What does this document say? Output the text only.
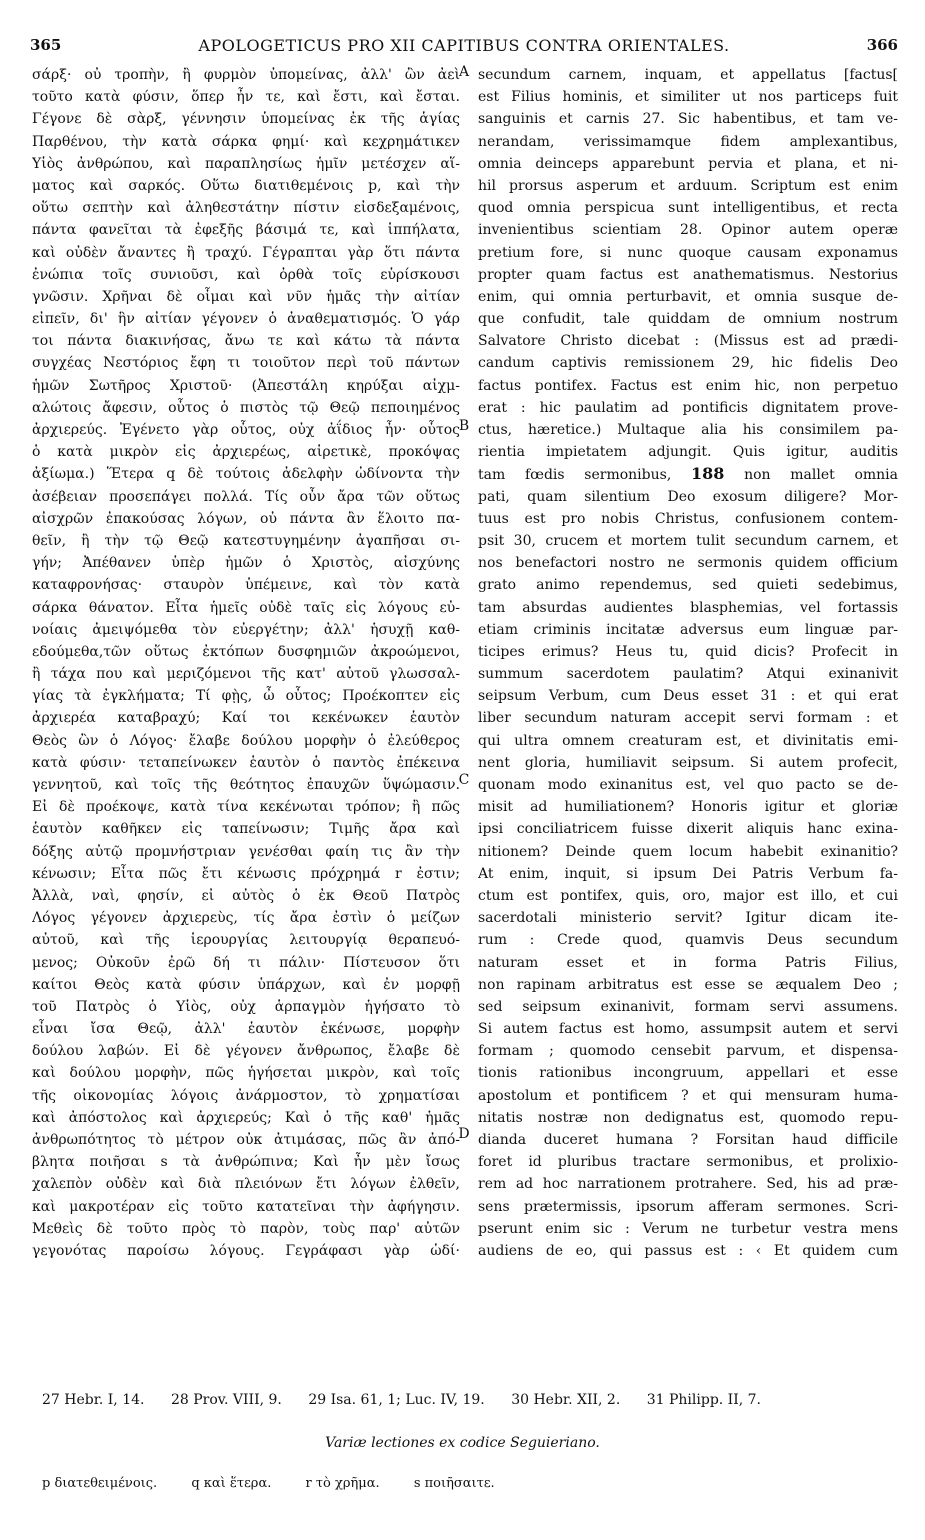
365	APOLOGETICUS PRO XII CAPITIBUS CONTRA ORIENTALES.	366
σάρξ· οὐ τροπὴν, ἢ φυρμὸν ὑπομείνας, ἀλλ' ὢν ἀεὶ
τοῦτο κατὰ φύσιν, ὅπερ ἦν τε, καὶ ἔστι, καὶ ἔσται.
Γέγονε δὲ σὰρξ, γέννησιν ὑπομείνας ἐκ τῆς ἁγίας
Παρθένου, τὴν κατὰ σάρκα φημί· καὶ κεχρημάτικεν
Υἱὸς ἀνθρώπου, καὶ παραπλησίως ἡμῖν μετέσχεν αἵ-
ματος καὶ σαρκός. Οὕτω διατιθεμένοις p, καὶ τὴν
οὕτω σεπτὴν καὶ ἀληθεστάτην πίστιν εἰσδεξαμένοις,
πάντα φανεῖται τὰ ἐφεξῆς βάσιμά τε, καὶ ἱππήλατα,
καὶ οὐδὲν ἄναντες ἢ τραχύ. Γέγραπται γὰρ ὅτι πάντα
ἐνώπια τοῖς συνιοῦσι, καὶ ὀρθὰ τοῖς εὑρίσκουσι
γνῶσιν. Χρῆναι δὲ οἶμαι καὶ νῦν ἡμᾶς τὴν αἰτίαν
εἰπεῖν, δι' ἣν αἰτίαν γέγονεν ὁ ἀναθεματισμός. Ὁ γάρ
τοι πάντα διακινήσας, ἄνω τε καὶ κάτω τὰ πάντα
συγχέας Νεστόριος ἔφη τι τοιοῦτον περὶ τοῦ πάντων
ἡμῶν Σωτῆρος Χριστοῦ· (Ἀπεστάλη κηρύξαι αἰχμ-
αλώτοις ἄφεσιν, οὗτος ὁ πιστὸς τῷ Θεῷ πεποιημένος
ἀρχιερεύς. Ἐγένετο γὰρ οὗτος, οὐχ ἀΐδιος ἦν· οὗτος
ὁ κατὰ μικρὸν εἰς ἀρχιερέως, αἱρετικὲ, προκόψας
ἀξίωμα.) Ἕτερα q δὲ τούτοις ἀδελφὴν ὠδίνοντα τὴν
ἀσέβειαν προσεπάγει πολλά. Τίς οὖν ἄρα τῶν οὕτως
αἰσχρῶν ἐπακούσας λόγων, οὐ πάντα ἂν ἕλοιτο πα-
θεῖν, ἢ τὴν τῷ Θεῷ κατεστυγημένην ἀγαπῆσαι σι-
γήν; Ἀπέθανεν ὑπὲρ ἡμῶν ὁ Χριστὸς, αἰσχύνης
καταφρονήσας· σταυρὸν ὑπέμεινε, καὶ τὸν κατὰ
σάρκα θάνατον. Εἶτα ἡμεῖς οὐδὲ ταῖς εἰς λόγους εὐ-
νοίαις ἀμειψόμεθα τὸν εὐεργέτην; ἀλλ' ἡσυχῇ καθ-
εδούμεθα,τῶν οὕτως ἐκτόπων δυσφημιῶν ἀκροώμενοι,
ἢ τάχα που καὶ μεριζόμενοι τῆς κατ' αὐτοῦ γλωσσαλ-
γίας τὰ ἐγκλήματα; Τί φῂς, ὦ οὗτος; Προέκοπτεν εἰς
ἀρχιερέα καταβραχύ; Καί τοι κεκένωκεν ἑαυτὸν
Θεὸς ὢν ὁ Λόγος· ἔλαβε δούλου μορφὴν ὁ ἐλεύθερος
κατὰ φύσιν· τεταπείνωκεν ἑαυτὸν ὁ παντὸς ἐπέκεινα
γεννητοῦ, καὶ τοῖς τῆς θεότητος ἐπαυχῶν ὕψώμασιν.
Εἰ δὲ προέκοψε, κατὰ τίνα κεκένωται τρόπον; ἢ πῶς
ἑαυτὸν καθῆκεν εἰς ταπείνωσιν; Τιμῆς ἄρα καὶ
δόξης αὐτῷ προμνήστριαν γενέσθαι φαίη τις ἂν τὴν
κένωσιν; Εἶτα πῶς ἔτι κένωσις πρόχρημά r ἐστιν;
Ἀλλὰ, ναὶ, φησίν, εἰ αὐτὸς ὁ ἐκ Θεοῦ Πατρὸς
Λόγος γέγονεν ἀρχιερεὺς, τίς ἄρα ἐστὶν ὁ μείζων
αὐτοῦ, καὶ τῆς ἱερουργίας λειτουργίᾳ θεραπευό-
μενος; Οὐκοῦν ἐρῶ δή τι πάλιν· Πίστευσον ὅτι
καίτοι Θεὸς κατὰ φύσιν ὑπάρχων, καὶ ἐν μορφῇ
τοῦ Πατρὸς ὁ Υἱὸς, οὐχ ἁρπαγμὸν ἡγήσατο τὸ
εἶναι ἴσα Θεῷ, ἀλλ' ἑαυτὸν ἐκένωσε, μορφὴν
δούλου λαβών. Εἰ δὲ γέγονεν ἄνθρωπος, ἔλαβε δὲ
καὶ δούλου μορφὴν, πῶς ἡγήσεται μικρὸν, καὶ τοῖς
τῆς οἰκονομίας λόγοις ἀνάρμοστον, τὸ χρηματίσαι
καὶ ἀπόστολος καὶ ἀρχιερεύς; Καὶ ὁ τῆς καθ' ἡμᾶς
ἀνθρωπότητος τὸ μέτρον οὐκ ἀτιμάσας, πῶς ἂν ἀπό-
βλητα ποιῆσαι s τὰ ἀνθρώπινα; Καὶ ἦν μὲν ἴσως
χαλεπὸν οὐδὲν καὶ διὰ πλειόνων ἔτι λόγων ἐλθεῖν,
καὶ μακροτέραν εἰς τοῦτο κατατεῖναι τὴν ἀφήγησιν.
Μεθεὶς δὲ τοῦτο πρὸς τὸ παρὸν, τοὺς παρ' αὐτῶν
γεγονότας παροίσω λόγους. Γεγράφασι γὰρ ὡδί·
secundum carnem, inquam, et appellatus [factus[
est Filius hominis, et similiter ut nos particeps fuit
sanguinis et carnis 27. Sic habentibus, et tam ve-
nerandam, verissimamque fidem amplexantibus,
omnia deinceps apparebunt pervia et plana, et ni-
hil prorsus asperum et arduum. Scriptum est enim
quod omnia perspicua sunt intelligentibus, et recta
invenientibus scientiam 28. Opinor autem operæ
pretium fore, si nunc quoque causam exponamus
propter quam factus est anathematismus. Nestorius
enim, qui omnia perturbavit, et omnia susque de-
que confudit, tale quiddam de omnium nostrum
Salvatore Christo dicebat : (Missus est ad prædi-
candum captivis remissionem 29, hic fidelis Deo
factus pontifex. Factus est enim hic, non perpetuo
erat : hic paulatim ad pontificis dignitatem prove-
ctus, hæretice.) Multaque alia his consimilem pa-
rientia impietatem adjungit. Quis igitur, auditis
tam fœdis sermonibus, 188 non mallet omnia
pati, quam silentium Deo exosum diligere? Mor-
tuus est pro nobis Christus, confusionem contem-
psit 30, crucem et mortem tulit secundum carnem, et
nos benefactori nostro ne sermonis quidem officium
grato animo rependemus, sed quieti sedebimus,
tam absurdas audientes blasphemias, vel fortassis
etiam criminis incitatæ adversus eum linguæ par-
ticipes erimus? Heus tu, quid dicis? Profecit in
summum sacerdotem paulatim? Atqui exinanivit
seipsum Verbum, cum Deus esset 31 : et qui erat
liber secundum naturam accepit servi formam : et
qui ultra omnem creaturam est, et divinitatis emi-
nent gloria, humiliavit seipsum. Si autem profecit,
quonam modo exinanitus est, vel quo pacto se de-
misit ad humiliationem? Honoris igitur et gloriæ
ipsi conciliatricem fuisse dixerit aliquis hanc exina-
nitionem? Deinde quem locum habebit exinanitio?
At enim, inquit, si ipsum Dei Patris Verbum fa-
ctum est pontifex, quis, oro, major est illo, et cui
sacerdotali ministerio servit? Igitur dicam ite-
rum : Crede quod, quamvis Deus secundum
naturam esset et in forma Patris Filius,
non rapinam arbitratus est esse se æqualem Deo ;
sed seipsum exinanivit, formam servi assumens.
Si autem factus est homo, assumpsit autem et servi
formam ; quomodo censebit parvum, et dispensa-
tionis rationibus incongruum, appellari et esse
apostolum et pontificem ? et qui mensuram huma-
nitatis nostræ non dedignatus est, quomodo repu-
dianda duceret humana ? Forsitan haud difficile
foret id pluribus tractare sermonibus, et prolixio-
rem ad hoc narrationem protrahere. Sed, his ad præ-
sens prætermissis, ipsorum afferam sermones. Scri-
pserunt enim sic : Verum ne turbetur vestra mens
audiens de eo, qui passus est : ‹ Et quidem cum
A
B
C
D
27 Hebr. I, 14. 28 Prov. VIII, 9. 29 Isa. 61, 1; Luc. IV, 19. 30 Hebr. XII, 2. 31 Philipp. II, 7.
Variæ lectiones ex codice Seguieriano.
p διατεθειμένοις.	q καὶ ἕτερα.	r τὸ χρῆμα.	s ποιῆσαιτε.
